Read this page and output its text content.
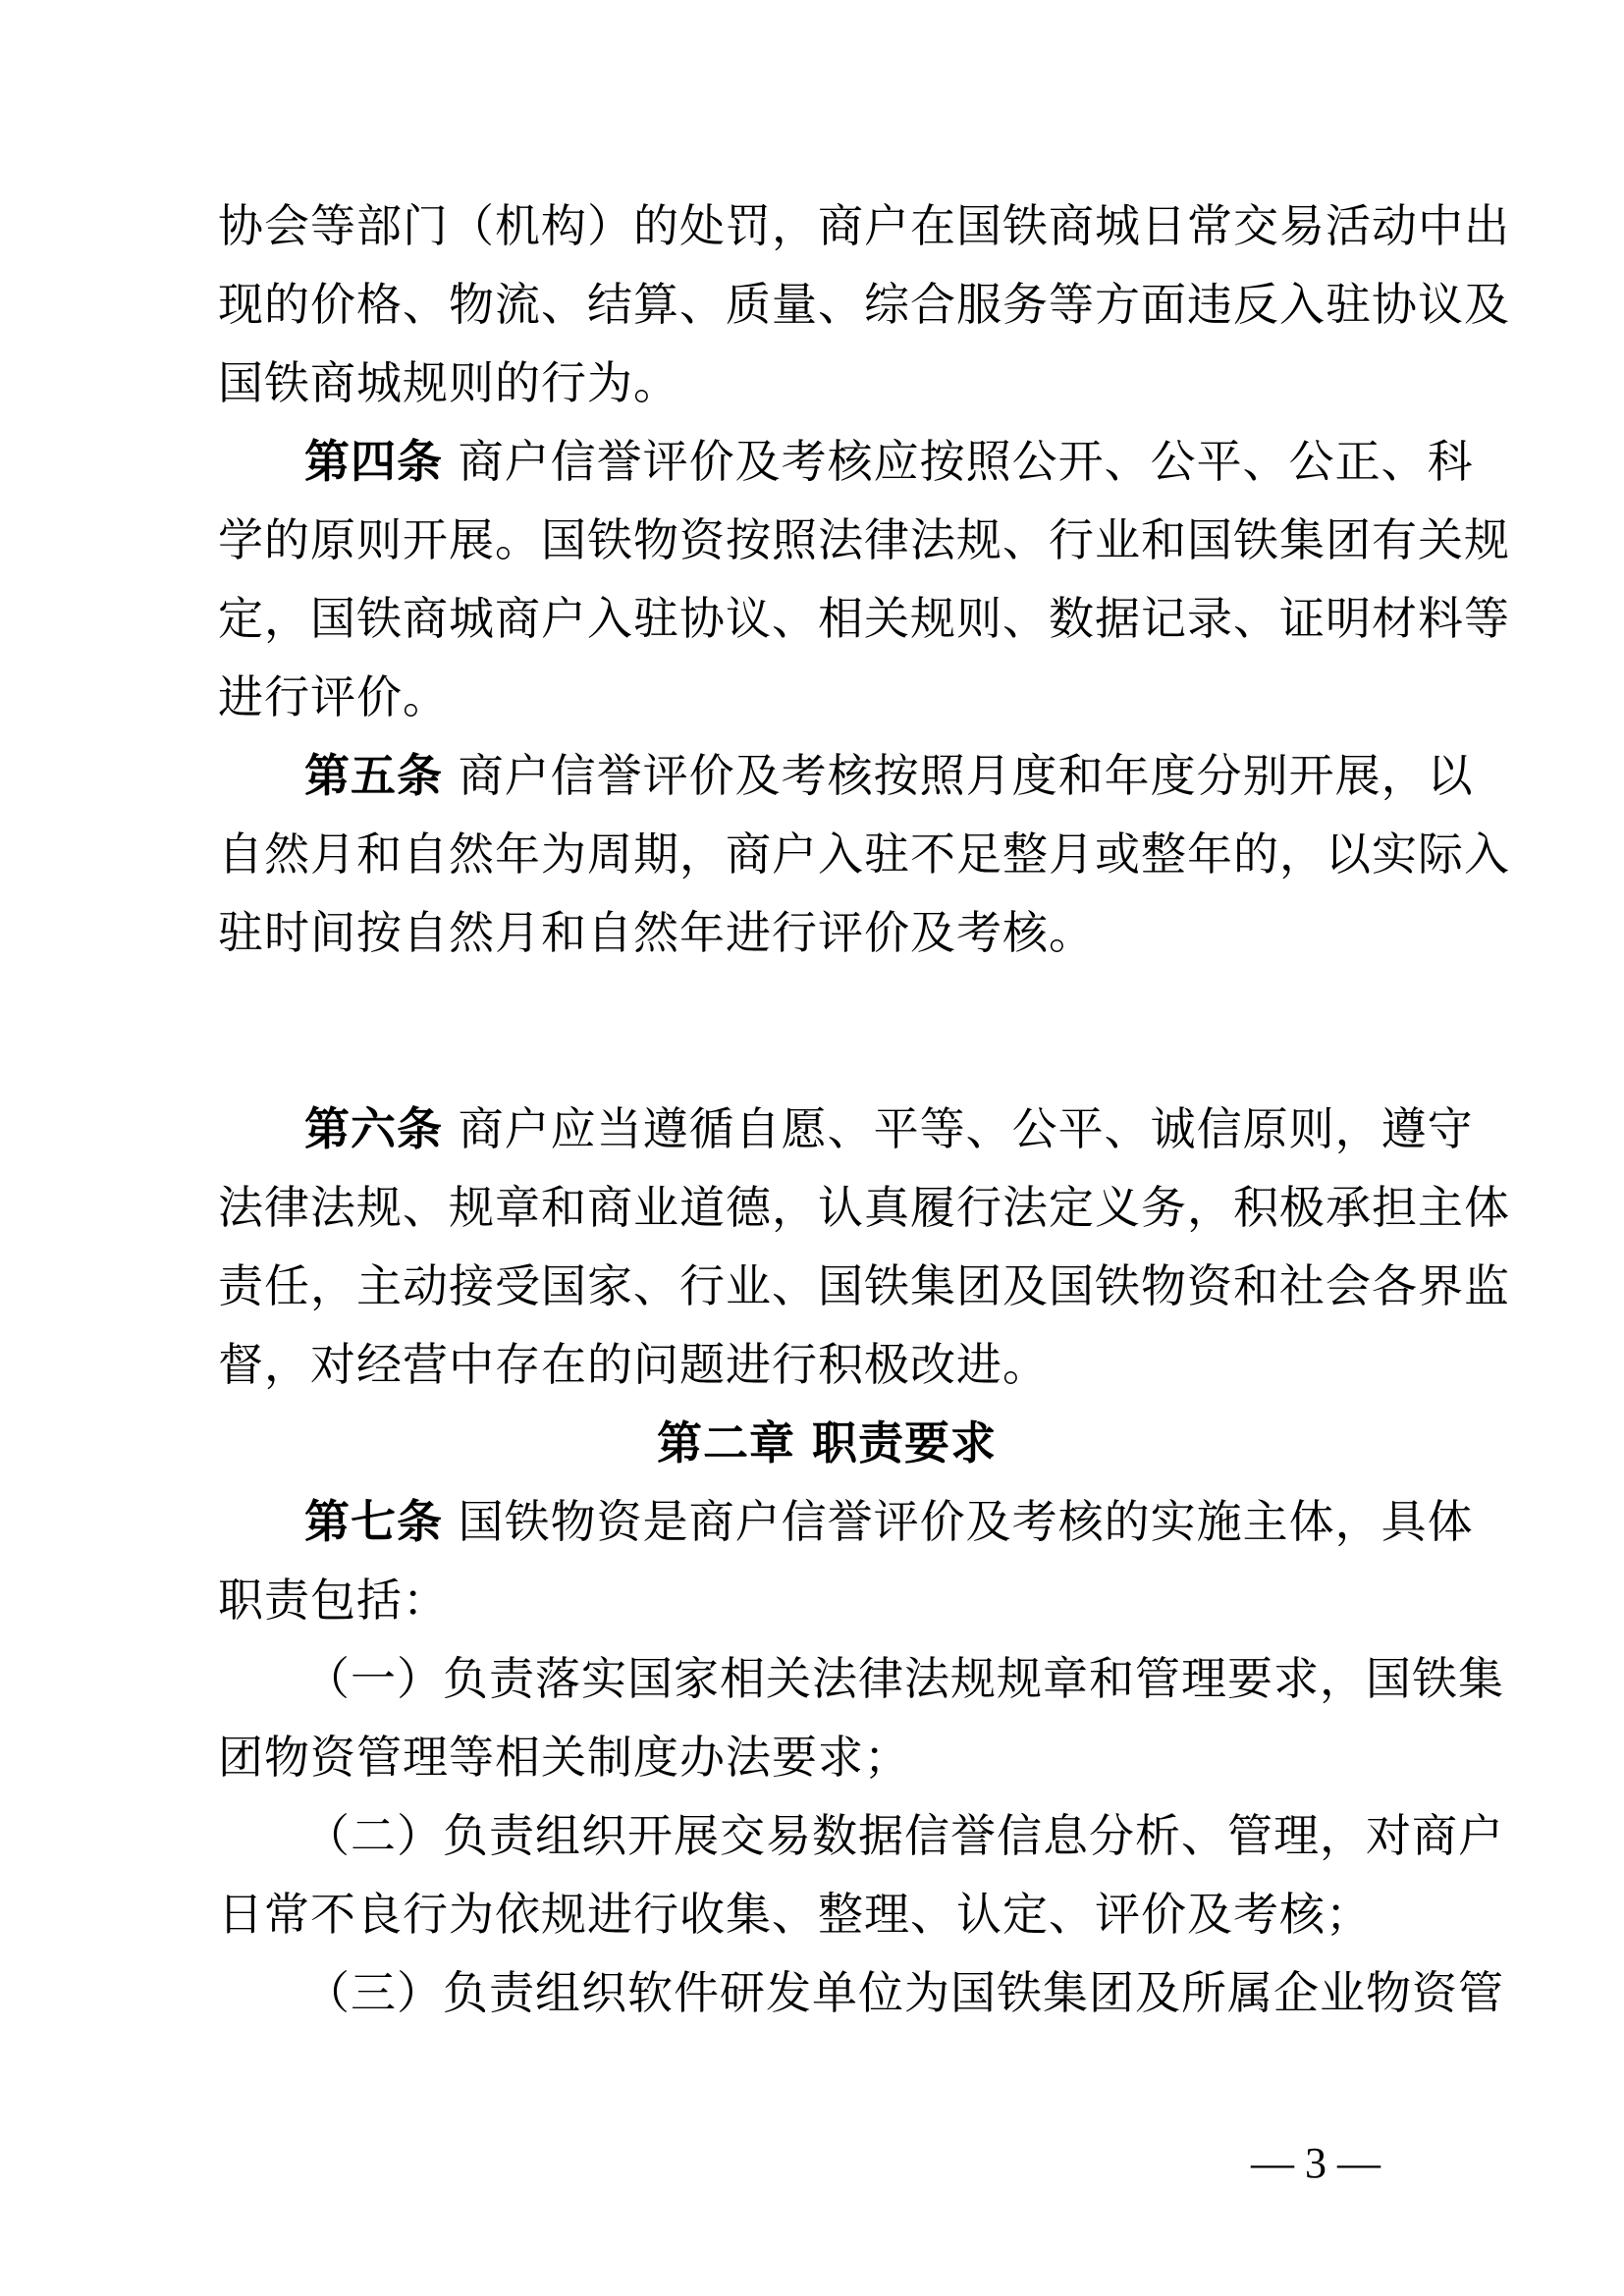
协会等部门（机构）的处罚，商户在国铁商城日常交易活动中出
现的价格、物流、结算、质量、综合服务等方面违反入驻协议及
国铁商城规则的行为。
第四条 商户信誉评价及考核应按照公开、公平、公正、科
学的原则开展。国铁物资按照法律法规、行业和国铁集团有关规
定，国铁商城商户入驻协议、相关规则、数据记录、证明材料等
进行评价。
第五条 商户信誉评价及考核按照月度和年度分别开展，以
自然月和自然年为周期，商户入驻不足整月或整年的，以实际入
驻时间按自然月和自然年进行评价及考核。
第六条 商户应当遵循自愿、平等、公平、诚信原则，遵守
法律法规、规章和商业道德，认真履行法定义务，积极承担主体
责任，主动接受国家、行业、国铁集团及国铁物资和社会各界监
督，对经营中存在的问题进行积极改进。
第二章 职责要求
第七条 国铁物资是商户信誉评价及考核的实施主体，具体
职责包括：
（一）负责落实国家相关法律法规规章和管理要求，国铁集
团物资管理等相关制度办法要求；
（二）负责组织开展交易数据信誉信息分析、管理，对商户
日常不良行为依规进行收集、整理、认定、评价及考核；
（三）负责组织软件研发单位为国铁集团及所属企业物资管
— 3 —
